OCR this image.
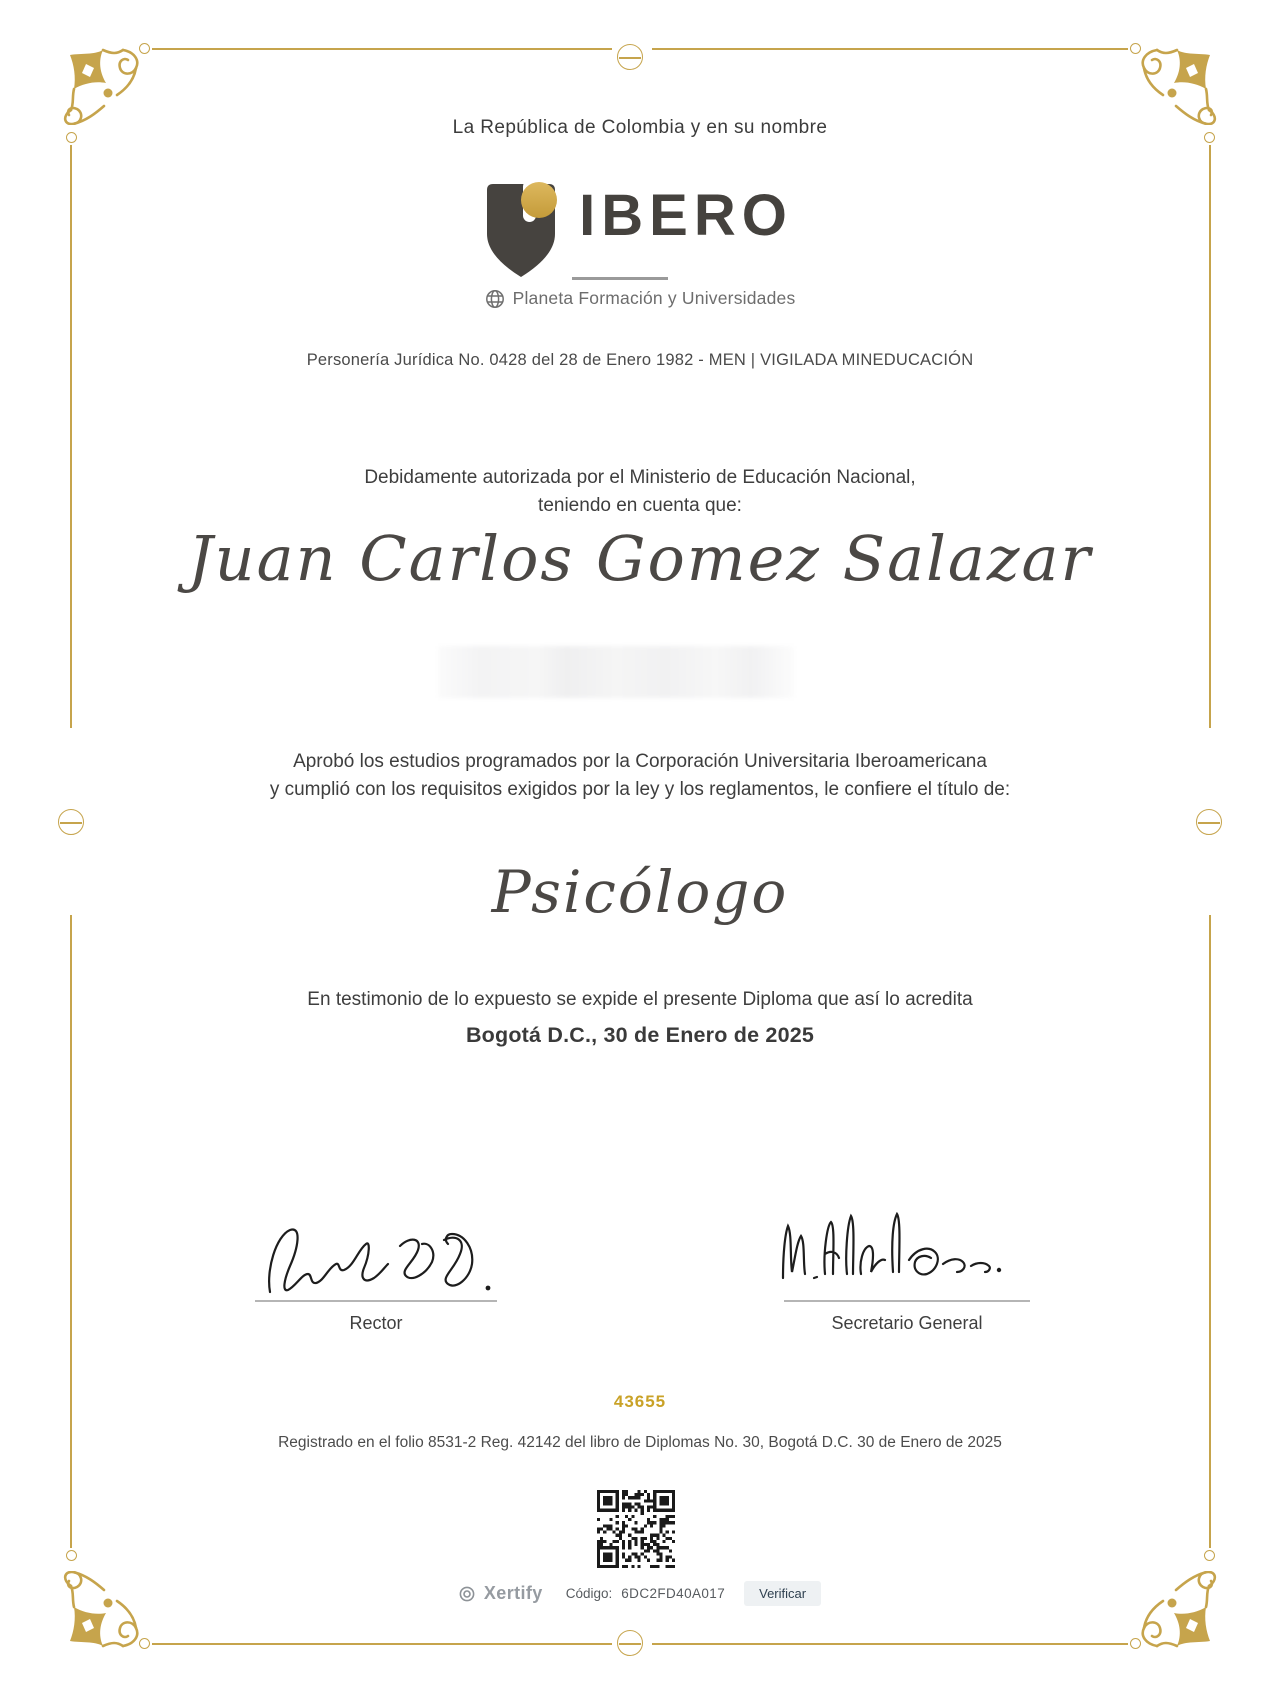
La República de Colombia y en su nombre
IBERO
Planeta Formación y Universidades
Personería Jurídica No. 0428 del 28 de Enero 1982 - MEN | VIGILADA MINEDUCACIÓN
Debidamente autorizada por el Ministerio de Educación Nacional,
teniendo en cuenta que:
Juan Carlos Gomez Salazar
Aprobó los estudios programados por la Corporación Universitaria Iberoamericana
y cumplió con los requisitos exigidos por la ley y los reglamentos, le confiere el título de:
Psicólogo
En testimonio de lo expuesto se expide el presente Diploma que así lo acredita
Bogotá D.C., 30 de Enero de 2025
Rector	Secretario General
43655
Registrado en el folio 8531-2 Reg. 42142 del libro de Diplomas No. 30, Bogotá D.C. 30 de Enero de 2025
Xertify Código: 6DC2FD40A017	Verificar
